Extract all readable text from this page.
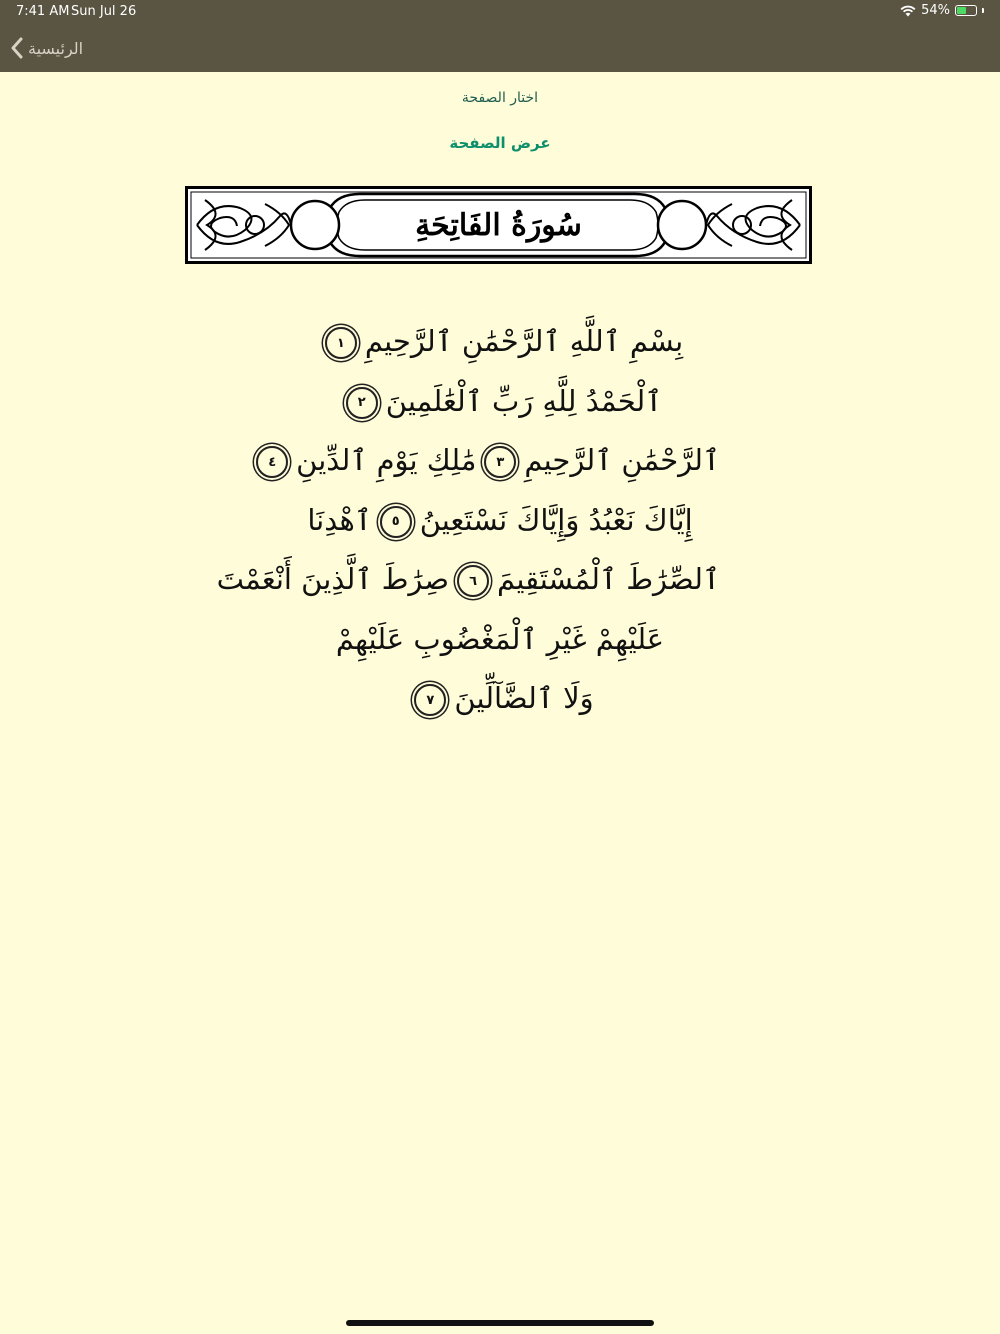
7:41 AM Sun Jul 26	54%
الرئيسية
اختار الصفحة
عرض الصفحة
سُورَةُ الفَاتِحَةِ
بِسْمِ ٱللَّهِ ٱلرَّحْمَٰنِ ٱلرَّحِيمِ١
ٱلْحَمْدُ لِلَّهِ رَبِّ ٱلْعَٰلَمِينَ٢
ٱلرَّحْمَٰنِ ٱلرَّحِيمِ٣مَٰلِكِ يَوْمِ ٱلدِّينِ٤
إِيَّاكَ نَعْبُدُ وَإِيَّاكَ نَسْتَعِينُ٥ٱهْدِنَا
ٱلصِّرَٰطَ ٱلْمُسْتَقِيمَ٦صِرَٰطَ ٱلَّذِينَ أَنْعَمْتَ
عَلَيْهِمْ غَيْرِ ٱلْمَغْضُوبِ عَلَيْهِمْ
وَلَا ٱلضَّآلِّينَ٧
